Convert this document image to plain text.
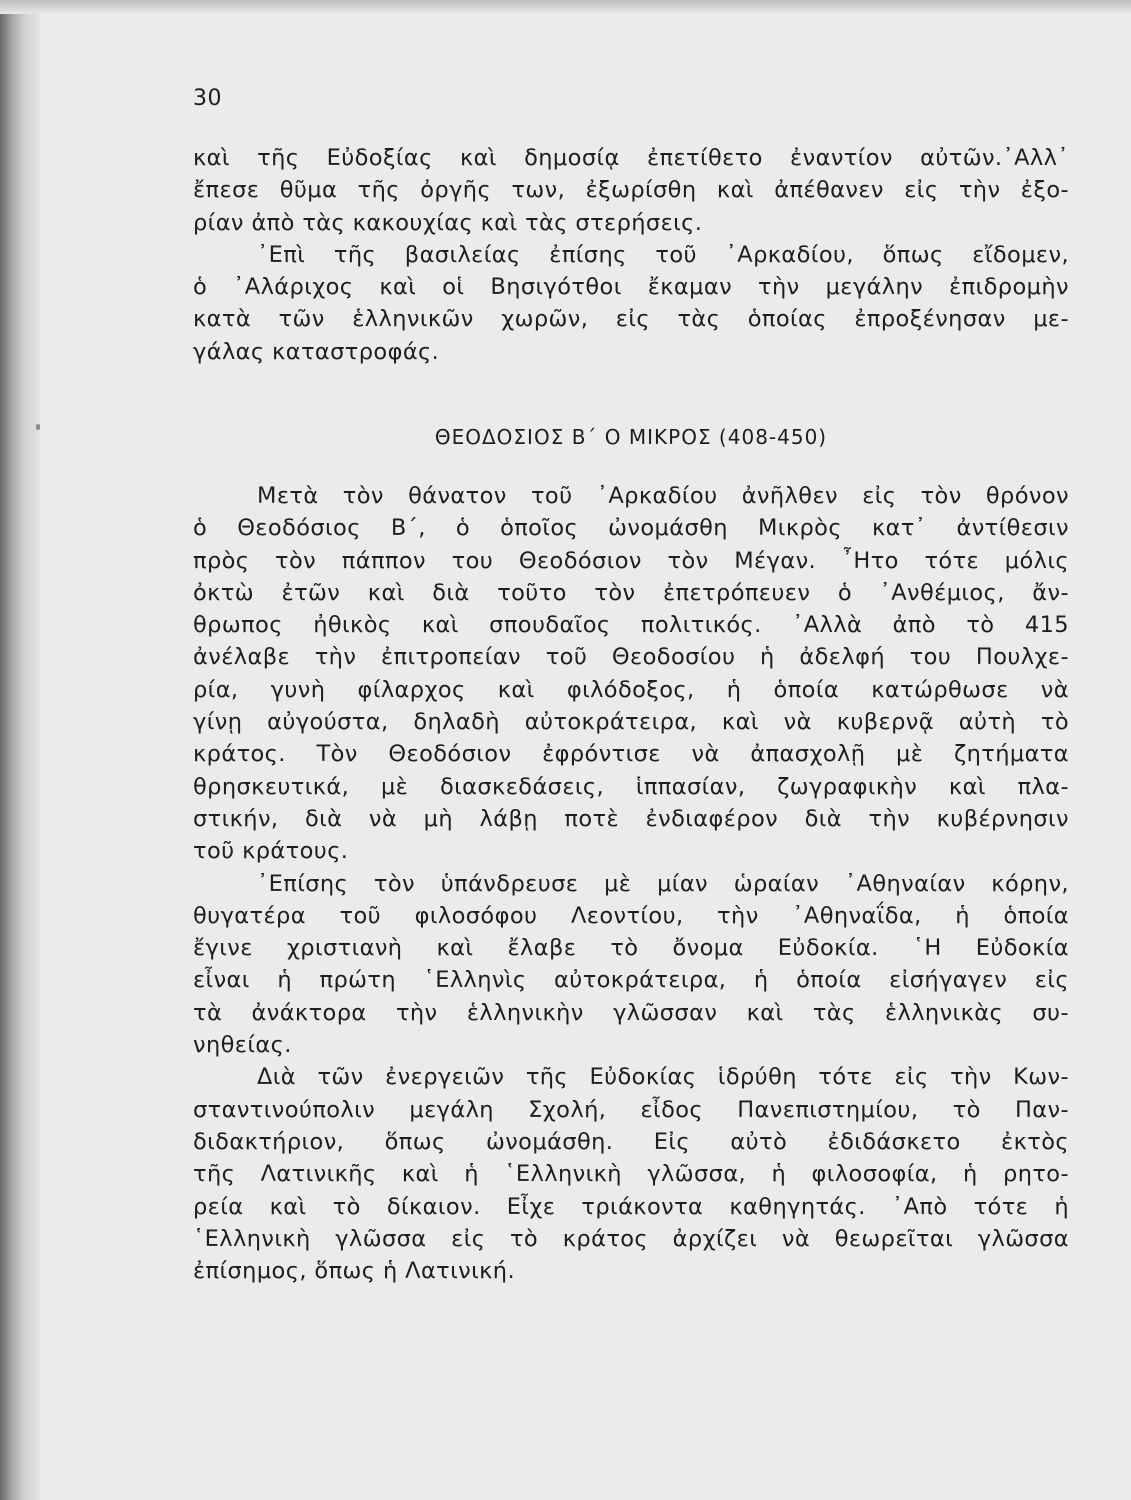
30
καὶ τῆς Εὐδοξίας καὶ δημοσίᾳ ἐπετίθετο ἐναντίον αὐτῶν.᾿Αλλ᾽
ἔπεσε θῦμα τῆς ὀργῆς των, ἐξωρίσθη καὶ ἀπέθανεν εἰς τὴν ἐξο-
ρίαν ἀπὸ τὰς κακουχίας καὶ τὰς στερήσεις.
᾿Επὶ τῆς βασιλείας ἐπίσης τοῦ ᾿Αρκαδίου, ὅπως εἴδομεν,
ὁ ᾿Αλάριχος καὶ οἱ Βησιγότθοι ἔκαμαν τὴν μεγάλην ἐπιδρομὴν
κατὰ τῶν ἑλληνικῶν χωρῶν, εἰς τὰς ὁποίας ἐπροξένησαν με-
γάλας καταστροφάς.
ΘΕΟΔΟΣΙΟΣ Β΄ Ο ΜΙΚΡΟΣ (408-450)
Μετὰ τὸν θάνατον τοῦ ᾿Αρκαδίου ἀνῆλθεν εἰς τὸν θρόνον
ὁ Θεοδόσιος Β΄, ὁ ὁποῖος ὠνομάσθη Μικρὸς κατ᾽ ἀντίθεσιν
πρὸς τὸν πάππον του Θεοδόσιον τὸν Μέγαν. ῏Ητο τότε μόλις
ὀκτὼ ἐτῶν καὶ διὰ τοῦτο τὸν ἐπετρόπευεν ὁ ᾿Ανθέμιος, ἄν-
θρωπος ἠθικὸς καὶ σπουδαῖος πολιτικός. ᾿Αλλὰ ἀπὸ τὸ 415
ἀνέλαβε τὴν ἐπιτροπείαν τοῦ Θεοδοσίου ἡ ἀδελφή του Πουλχε-
ρία, γυνὴ φίλαρχος καὶ φιλόδοξος, ἡ ὁποία κατώρθωσε νὰ
γίνῃ αὐγούστα, δηλαδὴ αὐτοκράτειρα, καὶ νὰ κυβερνᾷ αὐτὴ τὸ
κράτος. Τὸν Θεοδόσιον ἐφρόντισε νὰ ἀπασχολῇ μὲ ζητήματα
θρησκευτικά, μὲ διασκεδάσεις, ἱππασίαν, ζωγραφικὴν καὶ πλα-
στικήν, διὰ νὰ μὴ λάβῃ ποτὲ ἐνδιαφέρον διὰ τὴν κυβέρνησιν
τοῦ κράτους.
᾿Επίσης τὸν ὑπάνδρευσε μὲ μίαν ὡραίαν ᾿Αθηναίαν κόρην,
θυγατέρα τοῦ φιλοσόφου Λεοντίου, τὴν ᾿Αθηναΐδα, ἡ ὁποία
ἔγινε χριστιανὴ καὶ ἔλαβε τὸ ὄνομα Εὐδοκία. ῾Η Εὐδοκία
εἶναι ἡ πρώτη ῾Ελληνὶς αὐτοκράτειρα, ἡ ὁποία εἰσήγαγεν εἰς
τὰ ἀνάκτορα τὴν ἑλληνικὴν γλῶσσαν καὶ τὰς ἑλληνικὰς συ-
νηθείας.
Διὰ τῶν ἐνεργειῶν τῆς Εὐδοκίας ἱδρύθη τότε εἰς τὴν Κων-
σταντινούπολιν μεγάλη Σχολή, εἶδος Πανεπιστημίου, τὸ Παν-
διδακτήριον, ὅπως ὠνομάσθη. Εἰς αὐτὸ ἐδιδάσκετο ἐκτὸς
τῆς Λατινικῆς καὶ ἡ ῾Ελληνικὴ γλῶσσα, ἡ φιλοσοφία, ἡ ρητο-
ρεία καὶ τὸ δίκαιον. Εἶχε τριάκοντα καθηγητάς. ᾿Απὸ τότε ἡ
῾Ελληνικὴ γλῶσσα εἰς τὸ κράτος ἀρχίζει νὰ θεωρεῖται γλῶσσα
ἐπίσημος, ὅπως ἡ Λατινική.
